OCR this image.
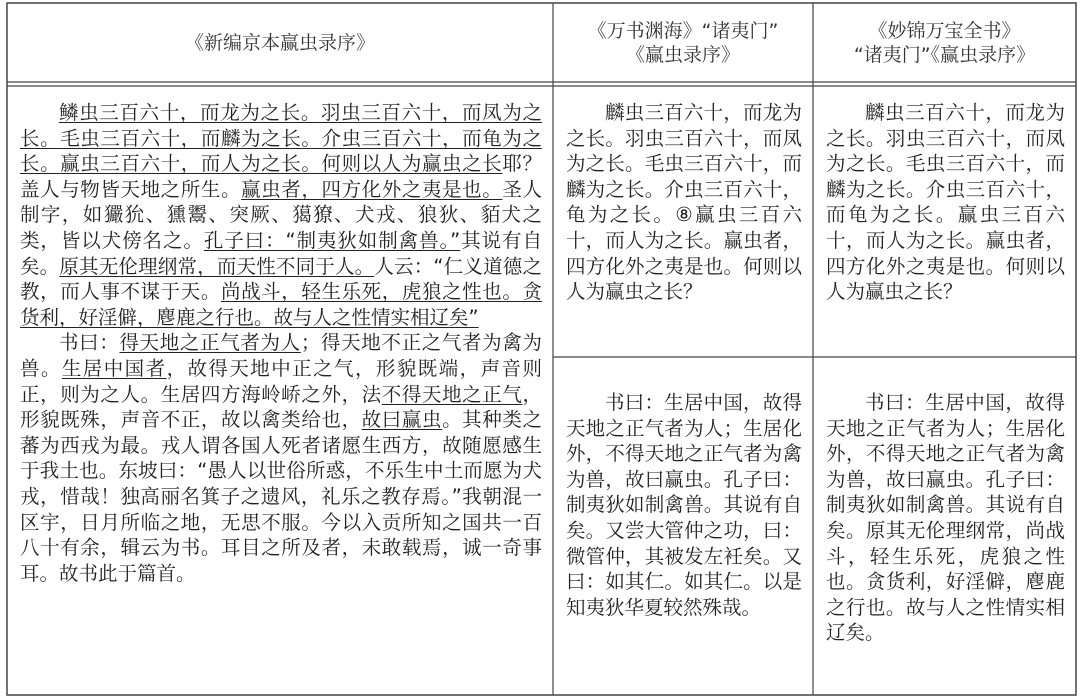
《新编京本赢虫录序》
《万书渊海》“诸夷门”
《赢虫录序》
《妙锦万宝全书》
“诸夷门”《赢虫录序》

鳞虫三百六十，而龙为之长。羽虫三百六十，而凤为之长。毛虫三百六十，而麟为之长。介虫三百六十，而龟为之长。赢虫三百六十，而人为之长。何则以人为赢虫之长耶？盖人与物皆天地之所生。赢虫者，四方化外之夷是也。圣人制字，如玁狁、獯鬻、突厥、獦獠、犬戎、狼狄、貊犬之类，皆以犬傍名之。孔子曰：“制夷狄如制禽兽。”其说有自矣。原其无伦理纲常，而天性不同于人。人云：“仁义道德之教，而人事不谋于天。尚战斗，轻生乐死，虎狼之性也。贪货利，好淫僻，麀鹿之行也。故与人之性情实相辽矣”

书曰：得天地之正气者为人；得天地不正之气者为禽为兽。生居中国者，故得天地中正之气，形貌既端，声音则正，则为之人。生居四方海岭峤之外，法不得天地之正气，形貌既殊，声音不正，故以禽类给也，故曰赢虫。其种类之蕃为西戎为最。戎人谓各国人死者诸愿生西方，故随愿感生于我土也。东坡曰：“愚人以世俗所惑，不乐生中土而愿为犬戎，惜哉！独高丽名箕子之遗风，礼乐之教存焉。”我朝混一区宇，日月所临之地，无思不服。今以入贡所知之国共一百八十有余，辑云为书。耳目之所及者，未敢载焉，诚一奇事耳。故书此于篇首。

麟虫三百六十，而龙为之长。羽虫三百六十，而凤为之长。毛虫三百六十，而麟为之长。介虫三百六十，龟为之长。⑧赢虫三百六十，而人为之长。赢虫者，四方化外之夷是也。何则以人为赢虫之长？

书曰：生居中国，故得天地之正气者为人；生居化外，不得天地之正气者为禽为兽，故曰赢虫。孔子曰：制夷狄如制禽兽。其说有自矣。又尝大管仲之功，曰：微管仲，其被发左衽矣。又曰：如其仁。如其仁。以是知夷狄华夏较然殊哉。

麟虫三百六十，而龙为之长。羽虫三百六十，而凤为之长。毛虫三百六十，而麟为之长。介虫三百六十，而龟为之长。赢虫三百六十，而人为之长。赢虫者，四方化外之夷是也。何则以人为赢虫之长？

书曰：生居中国，故得天地之正气者为人；生居化外，不得天地之正气者为禽为兽，故曰赢虫。孔子曰：制夷狄如制禽兽。其说有自矣。原其无伦理纲常，尚战斗，轻生乐死，虎狼之性也。贪货利，好淫僻，麀鹿之行也。故与人之性情实相辽矣。
